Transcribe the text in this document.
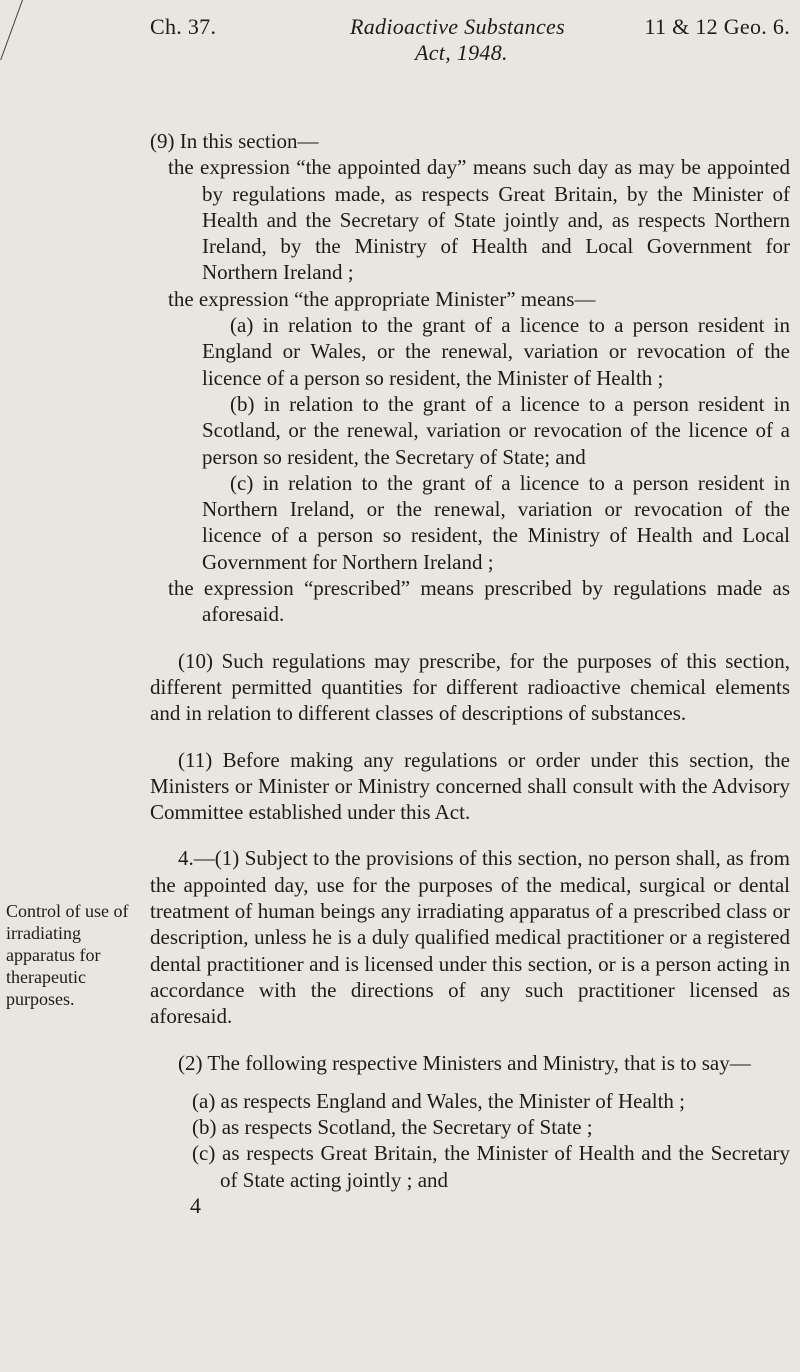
Ch. 37.	Radioactive Substances
Act, 1948.
11 & 12 Geo. 6.
Control of use of irradiating apparatus for therapeutic purposes.

(9) In this section—

the expression “the appointed day” means such day as may be appointed by regulations made, as respects Great Britain, by the Minister of Health and the Secretary of State jointly and, as respects Northern Ireland, by the Ministry of Health and Local Government for Northern Ireland ;

the expression “the appropriate Minister” means—

(a) in relation to the grant of a licence to a person resident in England or Wales, or the renewal, variation or revocation of the licence of a person so resident, the Minister of Health ;

(b) in relation to the grant of a licence to a person resident in Scotland, or the renewal, variation or revocation of the licence of a person so resident, the Secretary of State; and

(c) in relation to the grant of a licence to a person resident in Northern Ireland, or the renewal, variation or revocation of the licence of a person so resident, the Ministry of Health and Local Government for Northern Ireland ;

the expression “prescribed” means prescribed by regulations made as aforesaid.

(10) Such regulations may prescribe, for the purposes of this section, different permitted quantities for different radioactive chemical elements and in relation to different classes of descriptions of substances.

(11) Before making any regulations or order under this section, the Ministers or Minister or Ministry concerned shall consult with the Advisory Committee established under this Act.

4.—(1) Subject to the provisions of this section, no person shall, as from the appointed day, use for the purposes of the medical, surgical or dental treatment of human beings any irradiating apparatus of a prescribed class or description, unless he is a duly qualified medical practitioner or a registered dental practitioner and is licensed under this section, or is a person acting in accordance with the directions of any such practitioner licensed as aforesaid.

(2) The following respective Ministers and Ministry, that is to say—

(a) as respects England and Wales, the Minister of Health ;

(b) as respects Scotland, the Secretary of State ;

(c) as respects Great Britain, the Minister of Health and the Secretary of State acting jointly ; and

4
